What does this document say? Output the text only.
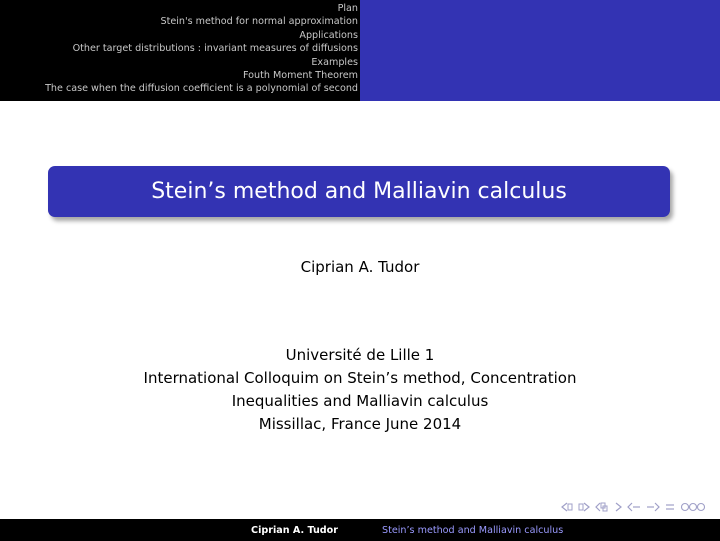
Plan
Stein's method for normal approximation
Applications
Other target distributions : invariant measures of diffusions
Examples
Fouth Moment Theorem
The case when the diffusion coefficient is a polynomial of second
Stein’s method and Malliavin calculus
Ciprian A. Tudor
Université de Lille 1
International Colloquim on Stein’s method, Concentration
Inequalities and Malliavin calculus
Missillac, France June 2014
Ciprian A. Tudor	Stein’s method and Malliavin calculus
